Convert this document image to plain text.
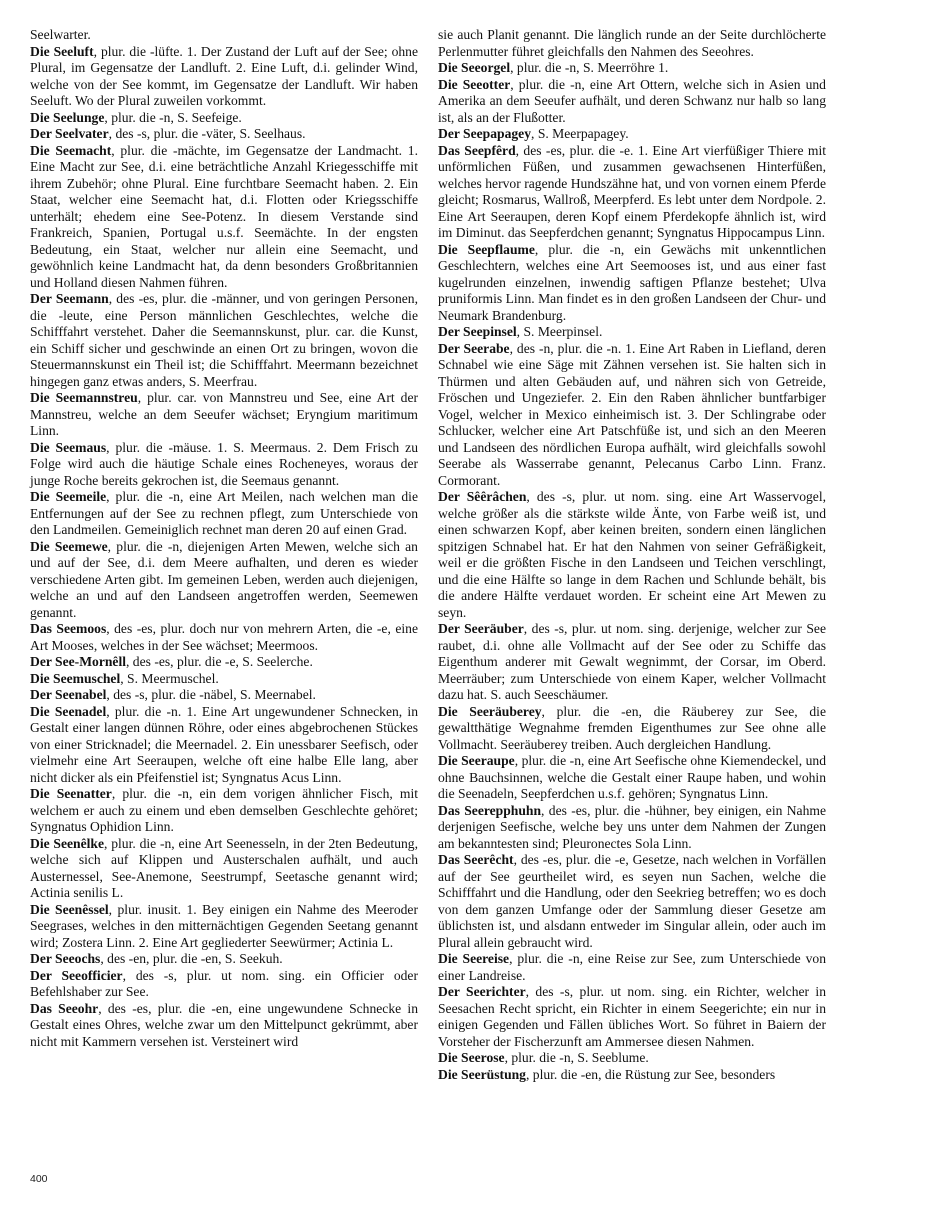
Seelwarter.

Die Seeluft, plur. die -lüfte. 1. Der Zustand der Luft auf der See; ohne Plural, im Gegensatze der Landluft. 2. Eine Luft, d.i. gelinder Wind, welche von der See kommt, im Gegensatze der Landluft. Wir haben Seeluft. Wo der Plural zuweilen vorkommt.

Die Seelunge, plur. die -n, S. Seefeige.

Der Seelvater, des -s, plur. die -väter, S. Seelhaus.

Die Seemacht, plur. die -mächte, im Gegensatze der Landmacht. 1. Eine Macht zur See, d.i. eine beträchtliche Anzahl Kriegesschiffe mit ihrem Zubehör; ohne Plural. Eine furchtbare Seemacht haben. 2. Ein Staat, welcher eine Seemacht hat, d.i. Flotten oder Kriegsschiffe unterhält; ehedem eine See-Potenz. In diesem Verstande sind Frankreich, Spanien, Portugal u.s.f. Seemächte. In der engsten Bedeutung, ein Staat, welcher nur allein eine Seemacht, und gewöhnlich keine Landmacht hat, da denn besonders Großbritannien und Holland diesen Nahmen führen.

Der Seemann, des -es, plur. die -männer, und von geringen Personen, die -leute, eine Person männlichen Geschlechtes, welche die Schifffahrt verstehet. Daher die Seemannskunst, plur. car. die Kunst, ein Schiff sicher und geschwinde an einen Ort zu bringen, wovon die Steuermannskunst ein Theil ist; die Schifffahrt. Meermann bezeichnet hingegen ganz etwas anders, S. Meerfrau.

Die Seemannstreu, plur. car. von Mannstreu und See, eine Art der Mannstreu, welche an dem Seeufer wächset; Eryngium maritimum Linn.

Die Seemaus, plur. die -mäuse. 1. S. Meermaus. 2. Dem Frisch zu Folge wird auch die häutige Schale eines Rocheneyes, woraus der junge Roche bereits gekrochen ist, die Seemaus genannt.

Die Seemeile, plur. die -n, eine Art Meilen, nach welchen man die Entfernungen auf der See zu rechnen pflegt, zum Unterschiede von den Landmeilen. Gemeiniglich rechnet man deren 20 auf einen Grad.

Die Seemewe, plur. die -n, diejenigen Arten Mewen, welche sich an und auf der See, d.i. dem Meere aufhalten, und deren es wieder verschiedene Arten gibt. Im gemeinen Leben, werden auch diejenigen, welche an und auf den Landseen angetroffen werden, Seemewen genannt.

Das Seemoos, des -es, plur. doch nur von mehrern Arten, die -e, eine Art Mooses, welches in der See wächset; Meermoos.

Der See-Mornêll, des -es, plur. die -e, S. Seelerche.

Die Seemuschel, S. Meermuschel.

Der Seenabel, des -s, plur. die -näbel, S. Meernabel.

Die Seenadel, plur. die -n. 1. Eine Art ungewundener Schnecken, in Gestalt einer langen dünnen Röhre, oder eines abgebrochenen Stückes von einer Stricknadel; die Meernadel. 2. Ein unessbarer Seefisch, oder vielmehr eine Art Seeraupen, welche oft eine halbe Elle lang, aber nicht dicker als ein Pfeifenstiel ist; Syngnatus Acus Linn.

Die Seenatter, plur. die -n, ein dem vorigen ähnlicher Fisch, mit welchem er auch zu einem und eben demselben Geschlechte gehöret; Syngnatus Ophidion Linn.

Die Seenêlke, plur. die -n, eine Art Seenesseln, in der 2ten Bedeutung, welche sich auf Klippen und Austerschalen aufhält, und auch Austernessel, See-Anemone, Seestrumpf, Seetasche genannt wird; Actinia senilis L.

Die Seenêssel, plur. inusit. 1. Bey einigen ein Nahme des Meeroder Seegrases, welches in den mitternächtigen Gegenden Seetang genannt wird; Zostera Linn. 2. Eine Art gegliederter Seewürmer; Actinia L.

Der Seeochs, des -en, plur. die -en, S. Seekuh.

Der Seeofficier, des -s, plur. ut nom. sing. ein Officier oder Befehlshaber zur See.

Das Seeohr, des -es, plur. die -en, eine ungewundene Schnecke in Gestalt eines Ohres, welche zwar um den Mittelpunct gekrümmt, aber nicht mit Kammern versehen ist. Versteinert wird

sie auch Planit genannt. Die länglich runde an der Seite durchlöcherte Perlenmutter führet gleichfalls den Nahmen des Seeohres.

Die Seeorgel, plur. die -n, S. Meerröhre 1.

Die Seeotter, plur. die -n, eine Art Ottern, welche sich in Asien und Amerika an dem Seeufer aufhält, und deren Schwanz nur halb so lang ist, als an der Flußotter.

Der Seepapagey, S. Meerpapagey.

Das Seepfêrd, des -es, plur. die -e. 1. Eine Art vierfüßiger Thiere mit unförmlichen Füßen, und zusammen gewachsenen Hinterfüßen, welches hervor ragende Hundszähne hat, und von vornen einem Pferde gleicht; Rosmarus, Wallroß, Meerpferd. Es lebt unter dem Nordpole. 2. Eine Art Seeraupen, deren Kopf einem Pferdekopfe ähnlich ist, wird im Diminut. das Seepferdchen genannt; Syngnatus Hippocampus Linn.

Die Seepflaume, plur. die -n, ein Gewächs mit unkenntlichen Geschlechtern, welches eine Art Seemooses ist, und aus einer fast kugelrunden einzelnen, inwendig saftigen Pflanze bestehet; Ulva pruniformis Linn. Man findet es in den großen Landseen der Chur- und Neumark Brandenburg.

Der Seepinsel, S. Meerpinsel.

Der Seerabe, des -n, plur. die -n. 1. Eine Art Raben in Liefland, deren Schnabel wie eine Säge mit Zähnen versehen ist. Sie halten sich in Thürmen und alten Gebäuden auf, und nähren sich von Getreide, Fröschen und Ungeziefer. 2. Ein den Raben ähnlicher buntfarbiger Vogel, welcher in Mexico einheimisch ist. 3. Der Schlingrabe oder Schlucker, welcher eine Art Patschfüße ist, und sich an den Meeren und Landseen des nördlichen Europa aufhält, wird gleichfalls sowohl Seerabe als Wasserrabe genannt, Pelecanus Carbo Linn. Franz. Cormorant.

Der Sêêrâchen, des -s, plur. ut nom. sing. eine Art Wasservogel, welche größer als die stärkste wilde Änte, von Farbe weiß ist, und einen schwarzen Kopf, aber keinen breiten, sondern einen länglichen spitzigen Schnabel hat. Er hat den Nahmen von seiner Gefräßigkeit, weil er die größten Fische in den Landseen und Teichen verschlingt, und die eine Hälfte so lange in dem Rachen und Schlunde behält, bis die andere Hälfte verdauet worden. Er scheint eine Art Mewen zu seyn.

Der Seeräuber, des -s, plur. ut nom. sing. derjenige, welcher zur See raubet, d.i. ohne alle Vollmacht auf der See oder zu Schiffe das Eigenthum anderer mit Gewalt wegnimmt, der Corsar, im Oberd. Meerräuber; zum Unterschiede von einem Kaper, welcher Vollmacht dazu hat. S. auch Seeschäumer.

Die Seeräuberey, plur. die -en, die Räuberey zur See, die gewaltthätige Wegnahme fremden Eigenthumes zur See ohne alle Vollmacht. Seeräuberey treiben. Auch dergleichen Handlung.

Die Seeraupe, plur. die -n, eine Art Seefische ohne Kiemendeckel, und ohne Bauchsinnen, welche die Gestalt einer Raupe haben, und wohin die Seenadeln, Seepferdchen u.s.f. gehören; Syngnatus Linn.

Das Seerepphuhn, des -es, plur. die -hühner, bey einigen, ein Nahme derjenigen Seefische, welche bey uns unter dem Nahmen der Zungen am bekanntesten sind; Pleuronectes Sola Linn.

Das Seerêcht, des -es, plur. die -e, Gesetze, nach welchen in Vorfällen auf der See geurtheilet wird, es seyen nun Sachen, welche die Schifffahrt und die Handlung, oder den Seekrieg betreffen; wo es doch von dem ganzen Umfange oder der Sammlung dieser Gesetze am üblichsten ist, und alsdann entweder im Singular allein, oder auch im Plural allein gebraucht wird.

Die Seereise, plur. die -n, eine Reise zur See, zum Unterschiede von einer Landreise.

Der Seerichter, des -s, plur. ut nom. sing. ein Richter, welcher in Seesachen Recht spricht, ein Richter in einem Seegerichte; ein nur in einigen Gegenden und Fällen übliches Wort. So führet in Baiern der Vorsteher der Fischerzunft am Ammersee diesen Nahmen.

Die Seerose, plur. die -n, S. Seeblume.

Die Seerüstung, plur. die -en, die Rüstung zur See, besonders

400
